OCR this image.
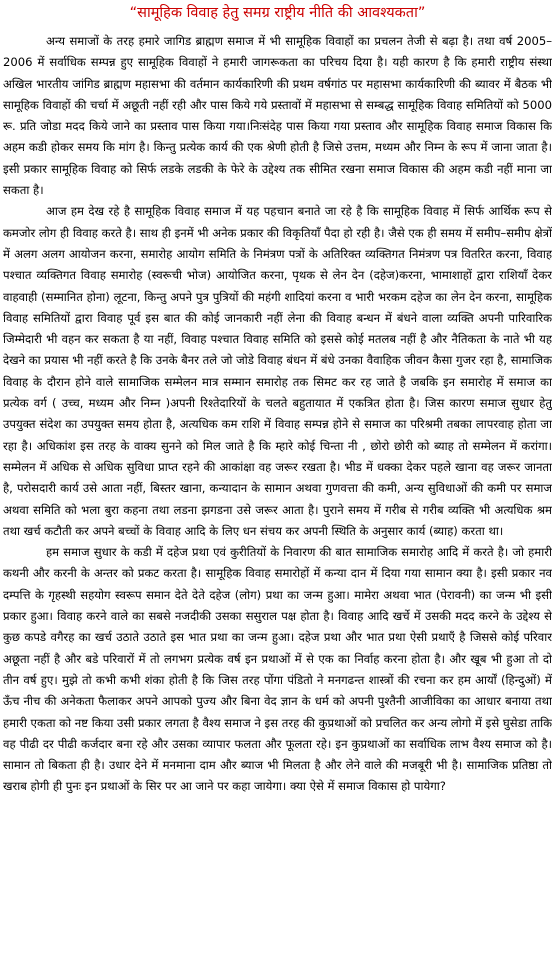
“सामूहिक विवाह हेतु समग्र राष्ट्रीय नीति की आवश्यकता”

अन्य समाजों के तरह हमारे जागिड ब्राह्मण समाज में भी सामूहिक विवाहों का प्रचलन तेजी से बढ़ा है। तथा वर्ष 2005–2006 में सर्वाधिक सम्पन्न हुए सामूहिक विवाहों ने हमारी जागरूकता का परिचय दिया है। यही कारण है कि हमारी राष्ट्रीय संस्था अखिल भारतीय जांगिड ब्राह्मण महासभा की वर्तमान कार्यकारिणी की प्रथम वर्षगांठ पर महासभा कार्यकारिणी की ब्यावर में बैठक भी सामूहिक विवाहों की चर्चा में अछूती नहीं रही और पास किये गये प्रस्तावों में महासभा से सम्बद्ध सामूहिक विवाह समितियों को 5000 रू. प्रति जोडा मदद किये जाने का प्रस्ताव पास किया गया।निःसंदेह पास किया गया प्रस्ताव और सामूहिक विवाह समाज विकास कि अहम कडी होकर समय कि मांग है। किन्तु प्रत्येक कार्य की एक श्रेणी होती है जिसे उत्तम, मध्यम और निम्न के रूप में जाना जाता है। इसी प्रकार सामूहिक विवाह को सिर्फ लडके लडकी के फेरे के उद्देश्य तक सीमित रखना समाज विकास की अहम कडी नहीं माना जा सकता है।

आज हम देख रहे है सामूहिक विवाह समाज में यह पहचान बनाते जा रहे है कि सामूहिक विवाह में सिर्फ आर्थिक रूप से कमजोर लोग ही विवाह करते है। साथ ही इनमें भी अनेक प्रकार की विकृतियाँ पैदा हो रही है। जैसे एक ही समय में समीप–समीप क्षेत्रों में अलग अलग आयोजन करना, समारोह आयोग समिति के निमंत्रण पत्रों के अतिरिक्त व्यक्तिगत निमंत्रण पत्र वितरित करना, विवाह पश्चात व्यक्तिगत विवाह समारोह (स्वरूची भोज) आयोजित करना, पृथक से लेन देन (दहेज)करना, भामाशाहों द्वारा राशियाँ देकर वाहवाही (सम्मानित होना) लूटना, किन्तु अपने पुत्र पुत्रियों की महंगी शादियां करना व भारी भरकम दहेज का लेन देन करना, सामूहिक विवाह समितियों द्वारा विवाह पूर्व इस बात की कोई जानकारी नहीं लेना की विवाह बन्धन में बंधने वाला व्यक्ति अपनी पारिवारिक जिम्मेदारी भी वहन कर सकता है या नहीं, विवाह पश्चात विवाह समिति को इससे कोई मतलब नहीं है और नैतिकता के नाते भी यह देखने का प्रयास भी नहीं करते है कि उनके बैनर तले जो जोडे विवाह बंधन में बंधे उनका वैवाहिक जीवन कैसा गुजर रहा है, सामाजिक विवाह के दौरान होने वाले सामाजिक सम्मेलन मात्र सम्मान समारोह तक सिमट कर रह जाते है जबकि इन समारोह में समाज का प्रत्येक वर्ग ( उच्च, मध्यम और निम्न )अपनी रिश्तेदारियों के चलते बहुतायात में एकत्रित होता है। जिस कारण समाज सुधार हेतु उपयुक्त संदेश का उपयुक्त समय होता है, अत्यधिक कम राशि में विवाह सम्पन्न होने से समाज का परिश्रमी तबका लापरवाह होता जा रहा है। अधिकांश इस तरह के वाक्य सुनने को मिल जाते है कि म्हारे कोई चिन्ता नी , छोरो छोरी को ब्याह तो सम्मेलन में करांगा।सम्मेलन में अधिक से अधिक सुविधा प्राप्त रहने की आकांक्षा वह जरूर रखता है। भीड में धक्का देकर पहले खाना वह जरूर जानता है, परोसदारी कार्य उसे आता नहीं, बिस्तर खाना, कन्यादान के सामान अथवा गुणवत्ता की कमी, अन्य सुविधाओं की कमी पर समाज अथवा समिति को भला बुरा कहना तथा लडना झगडना उसे जरूर आता है। पुराने समय में गरीब से गरीब व्यक्ति भी अत्यधिक श्रम तथा खर्च कटौती कर अपने बच्चों के विवाह आदि के लिए धन संचय कर अपनी स्थिति के अनुसार कार्य (ब्याह) करता था।

हम समाज सुधार के कडी में दहेज प्रथा एवं कुरीतियों के निवारण की बात सामाजिक समारोह आदि में करते है। जो हमारी कथनी और करनी के अन्तर को प्रकट करता है। सामूहिक विवाह समारोहों में कन्या दान में दिया गया सामान क्या है। इसी प्रकार नव दम्पत्ति के गृहस्थी सहयोग स्वरूप समान देते देते दहेज (लोग) प्रथा का जन्म हुआ। मामेरा अथवा भात (पेरावनी) का जन्म भी इसी प्रकार हुआ। विवाह करने वाले का सबसे नजदीकी उसका ससुराल पक्ष होता है। विवाह आदि खर्चे में उसकी मदद करने के उद्देश्य से कुछ कपडे वगैरह का खर्च उठाते उठाते इस भात प्रथा का जन्म हुआ। दहेज प्रथा और भात प्रथा ऐसी प्रथाएँ है जिससे कोई परिवार अछूता नहीं है और बडे परिवारों में तो लगभग प्रत्येक वर्ष इन प्रथाओं में से एक का निर्वाह करना होता है। और खूब भी हुआ तो दो तीन वर्ष हुए। मुझे तो कभी कभी शंका होती है कि जिस तरह पोंगा पंडितो ने मनगढन्त शास्त्रों की रचना कर हम आर्यों (हिन्दुओं) में ऊँच नीच की अनेकता फैलाकर अपने आपको पुज्य और बिना वेद ज्ञान के धर्म को अपनी पुश्तैनी आजीविका का आधार बनाया तथा हमारी एकता को नष्ट किया उसी प्रकार लगता है वैश्य समाज ने इस तरह की कुप्रथाओं को प्रचलित कर अन्य लोगो में इसे घुसेडा ताकि वह पीढी दर पीढी कर्जदार बना रहे और उसका व्यापार फलता और फूलता रहे। इन कुप्रथाओं का सर्वाधिक लाभ वैश्य समाज को है। सामान तो बिकता ही है। उधार देने में मनमाना दाम और ब्याज भी मिलता है और लेने वाले की मजबूरी भी है। सामाजिक प्रतिष्ठा तो खराब होगी ही पुनः इन प्रथाओं के सिर पर आ जाने पर कहा जायेगा। क्या ऐसे में समाज विकास हो पायेगा?
